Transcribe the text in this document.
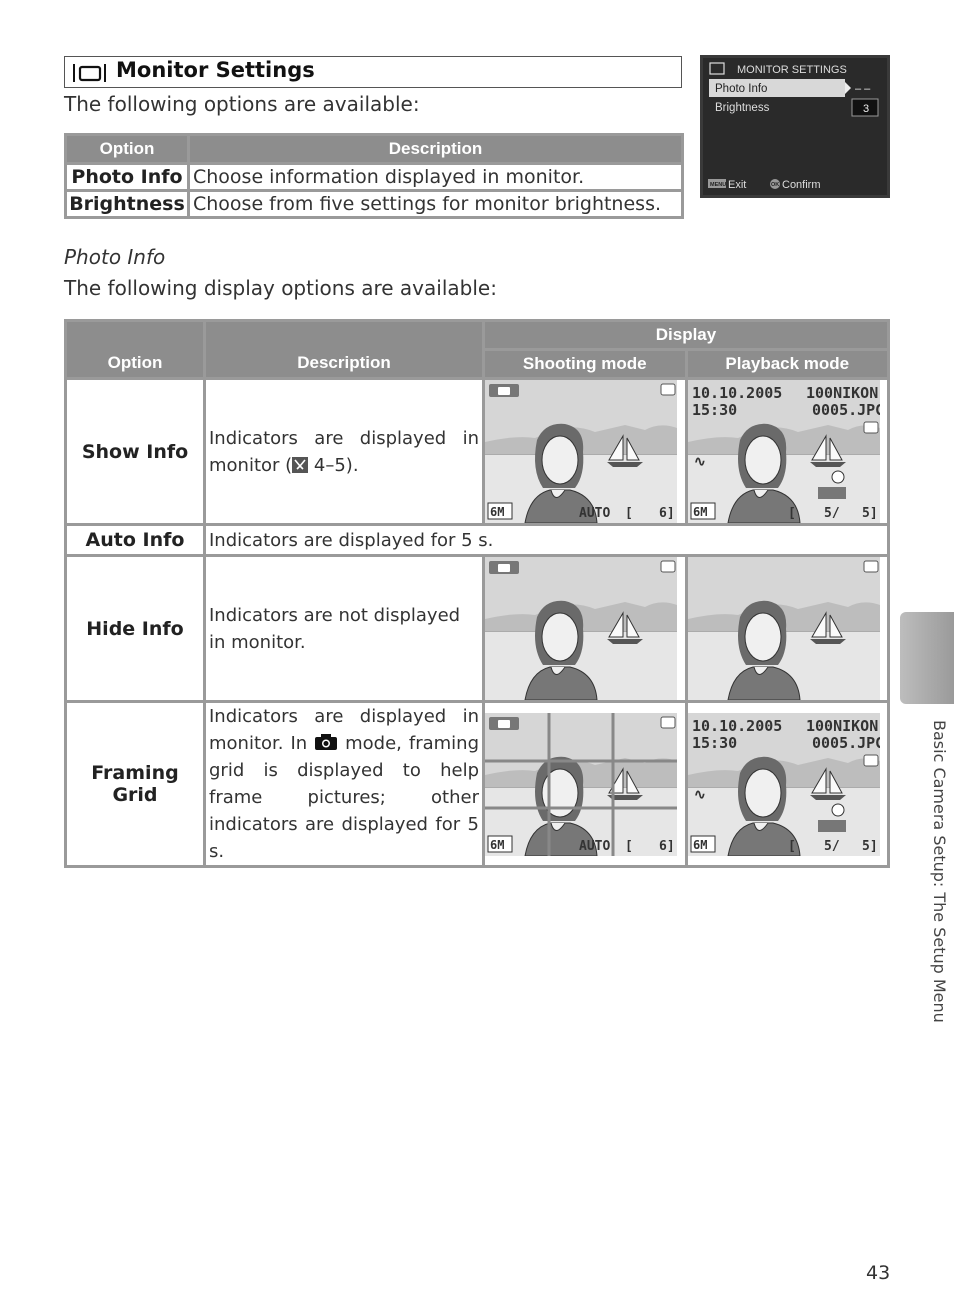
Monitor Settings
The following options are available:
Option	Description
Photo Info	Choose information displayed in monitor.
Brightness	Choose from five settings for monitor brightness.
MONITOR SETTINGS
Photo Info
Brightness
– –
3
MENU Exit	OK Confirm
Photo Info
The following display options are available:
Option	Description	Display	
		Shooting mode	Playback mode
Show Info	Indicators are displayed in monitor ( 4–5).	

Auto Info	Indicators are displayed for 5 s.		
Hide Info	Indicators are not displayed in monitor.	

Framing Grid	Indicators are displayed in monitor. In  mode, framing grid is displayed to help frame pictures; other indicators are displayed for 5 s.	
		Basic Camera Setup: The Setup Menu
43
